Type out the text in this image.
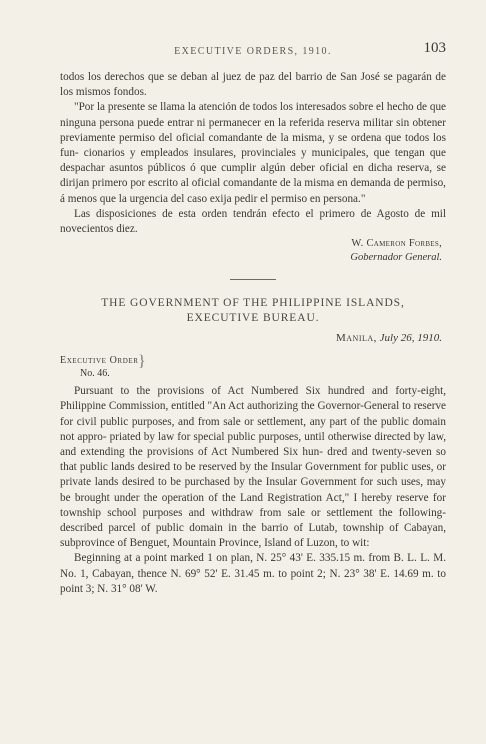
EXECUTIVE ORDERS, 1910.	103

todos los derechos que se deban al juez de paz del barrio de San José se pagarán de los mismos fondos.

"Por la presente se llama la atención de todos los interesados sobre el hecho de que ninguna persona puede entrar ni permanecer en la referida reserva militar sin obtener previamente permiso del oficial comandante de la misma, y se ordena que todos los fun- cionarios y empleados insulares, provinciales y municipales, que tengan que despachar asuntos públicos ó que cumplir algún deber oficial en dicha reserva, se dirijan primero por escrito al oficial comandante de la misma en demanda de permiso, á menos que la urgencia del caso exija pedir el permiso en persona."

Las disposiciones de esta orden tendrán efecto el primero de Agosto de mil novecientos diez.

W. Cameron Forbes,
Gobernador General.
THE GOVERNMENT OF THE PHILIPPINE ISLANDS,
EXECUTIVE BUREAU.
Manila, July 26, 1910.
Executive Order }
No. 46.

Pursuant to the provisions of Act Numbered Six hundred and forty-eight, Philippine Commission, entitled "An Act authorizing the Governor-General to reserve for civil public purposes, and from sale or settlement, any part of the public domain not appro- priated by law for special public purposes, until otherwise directed by law, and extending the provisions of Act Numbered Six hun- dred and twenty-seven so that public lands desired to be reserved by the Insular Government for public uses, or private lands desired to be purchased by the Insular Government for such uses, may be brought under the operation of the Land Registration Act," I hereby reserve for township school purposes and withdraw from sale or settlement the following-described parcel of public domain in the barrio of Lutab, township of Cabayan, subprovince of Benguet, Mountain Province, Island of Luzon, to wit:

Beginning at a point marked 1 on plan, N. 25° 43' E. 335.15 m. from B. L. L. M. No. 1, Cabayan, thence N. 69° 52' E. 31.45 m. to point 2; N. 23° 38' E. 14.69 m. to point 3; N. 31° 08' W.
